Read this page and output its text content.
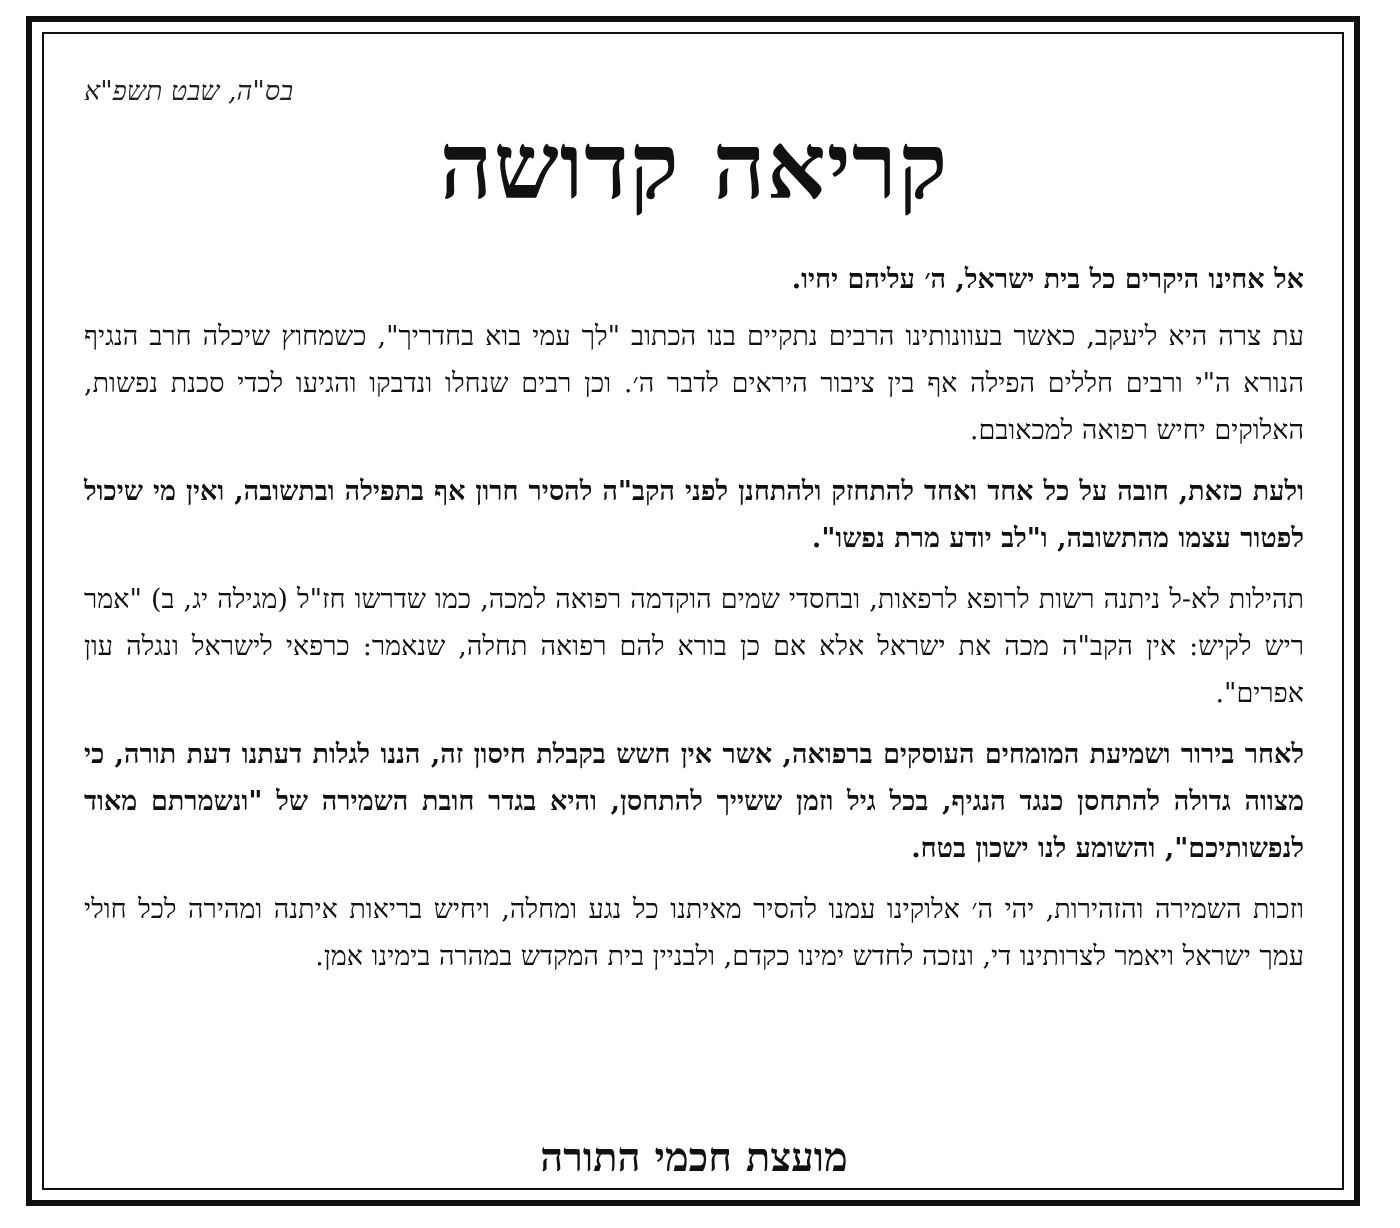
בס"ה, שבט תשפ"א
קריאה קדושה

אל אחינו היקרים כל בית ישראל, ה׳ עליהם יחיו.

עת צרה היא ליעקב, כאשר בעוונותינו הרבים נתקיים בנו הכתוב "לך עמי בוא בחדריך", כשמחוץ שיכלה חרב הנגיף הנורא ה"י ורבים חללים הפילה אף בין ציבור היראים לדבר ה׳. וכן רבים שנחלו ונדבקו והגיעו לכדי סכנת נפשות, האלוקים יחיש רפואה למכאובם.

ולעת כזאת, חובה על כל אחד ואחד להתחזק ולהתחנן לפני הקב"ה להסיר חרון אף בתפילה ובתשובה, ואין מי שיכול לפטור עצמו מהתשובה, ו"לב יודע מרת נפשו".

תהילות לא-ל ניתנה רשות לרופא לרפאות, ובחסדי שמים הוקדמה רפואה למכה, כמו שדרשו חז"ל (מגילה יג, ב) "אמר ריש לקיש: אין הקב"ה מכה את ישראל אלא אם כן בורא להם רפואה תחלה, שנאמר: כרפאי לישראל ונגלה עון אפרים".

לאחר בירור ושמיעת המומחים העוסקים ברפואה, אשר אין חשש בקבלת חיסון זה, הננו לגלות דעתנו דעת תורה, כי מצווה גדולה להתחסן כנגד הנגיף, בכל גיל וזמן ששייך להתחסן, והיא בגדר חובת השמירה של "ונשמרתם מאוד לנפשותיכם", והשומע לנו ישכון בטח.

וזכות השמירה והזהירות, יהי ה׳ אלוקינו עמנו להסיר מאיתנו כל נגע ומחלה, ויחיש בריאות איתנה ומהירה לכל חולי עמך ישראל ויאמר לצרותינו די, ונזכה לחדש ימינו כקדם, ולבניין בית המקדש במהרה בימינו אמן.

מועצת חכמי התורה
